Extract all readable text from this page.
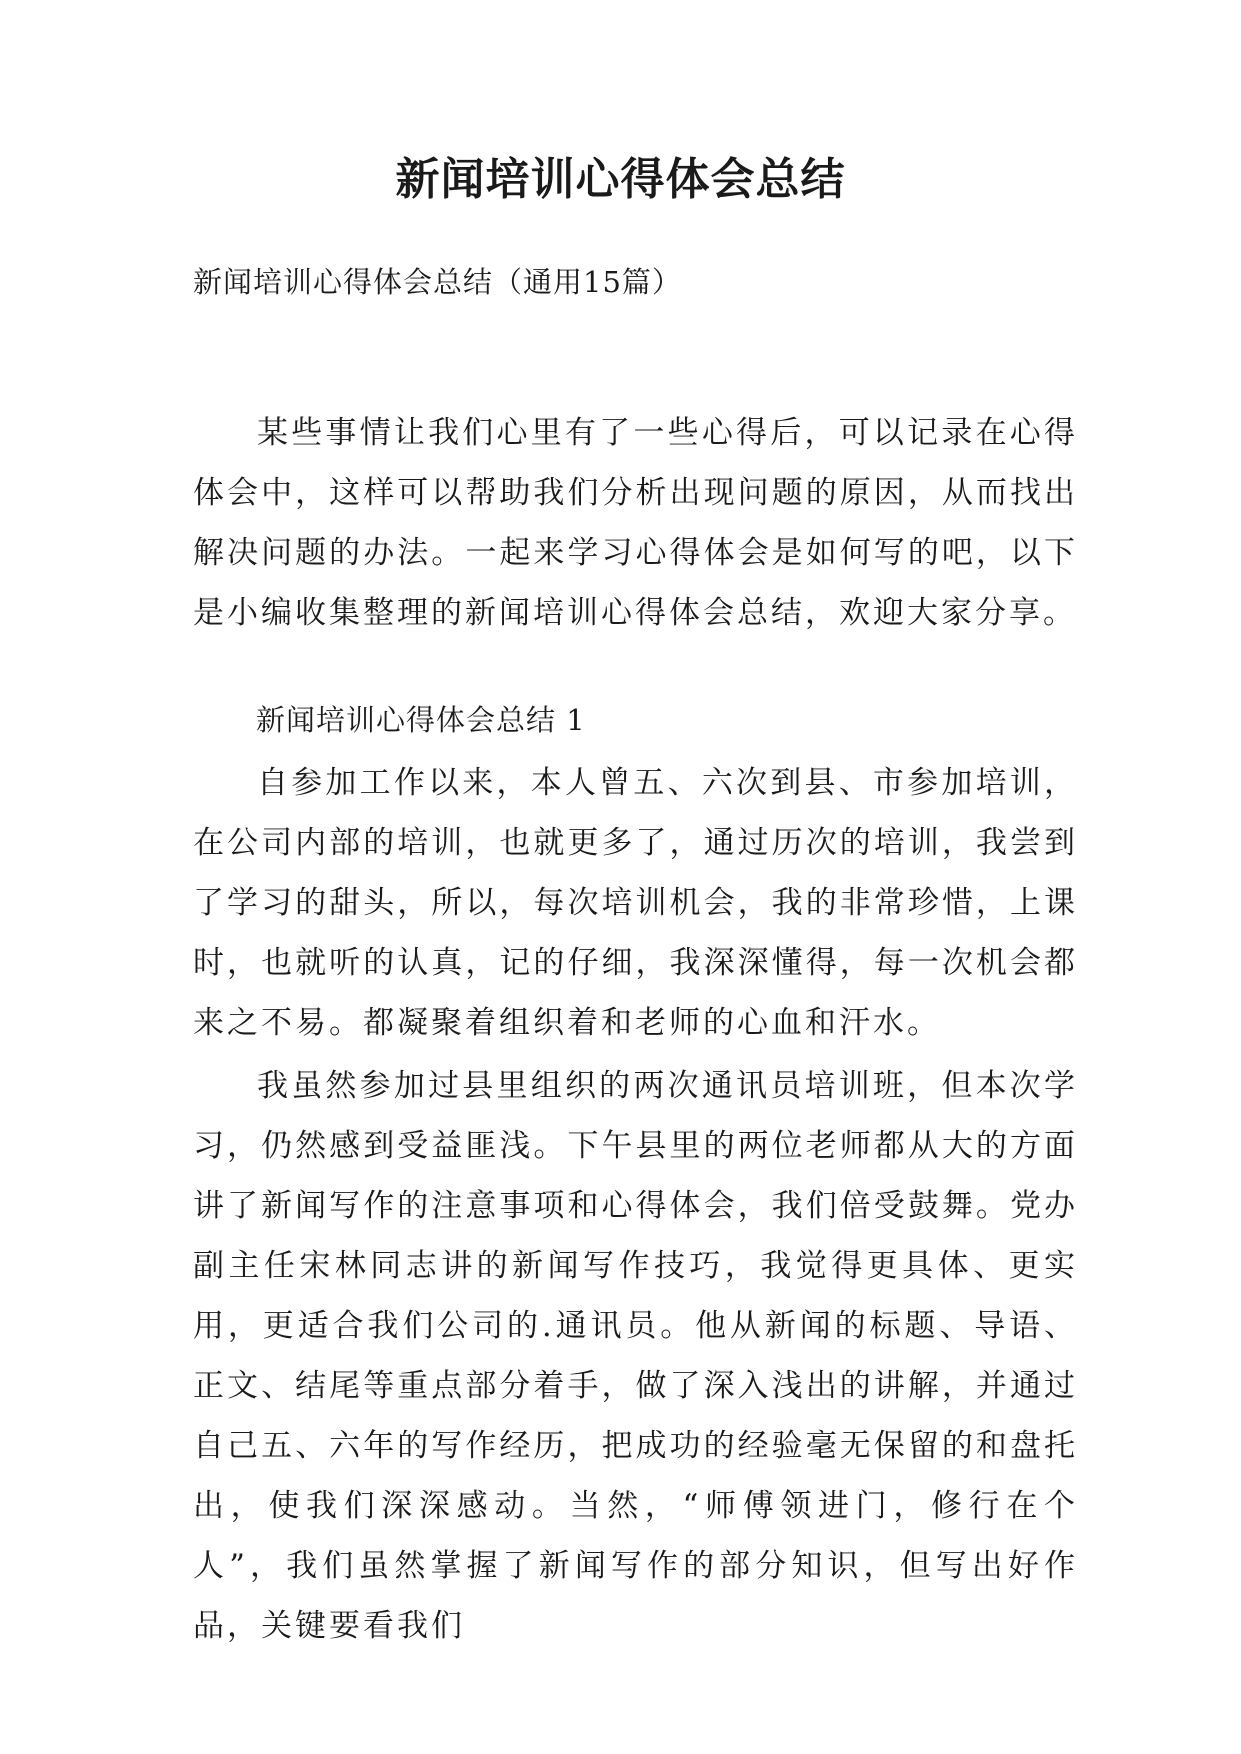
新闻培训心得体会总结
新闻培训心得体会总结（通用15篇）

某些事情让我们心里有了一些心得后，可以记录在心得体会中，这样可以帮助我们分析出现问题的原因，从而找出解决问题的办法。一起来学习心得体会是如何写的吧，以下是小编收集整理的新闻培训心得体会总结，欢迎大家分享。

新闻培训心得体会总结 1

自参加工作以来，本人曾五、六次到县、市参加培训，在公司内部的培训，也就更多了，通过历次的培训，我尝到了学习的甜头，所以，每次培训机会，我的非常珍惜，上课时，也就听的认真，记的仔细，我深深懂得，每一次机会都来之不易。都凝聚着组织着和老师的心血和汗水。

我虽然参加过县里组织的两次通讯员培训班，但本次学习，仍然感到受益匪浅。下午县里的两位老师都从大的方面讲了新闻写作的注意事项和心得体会，我们倍受鼓舞。党办副主任宋林同志讲的新闻写作技巧，我觉得更具体、更实用，更适合我们公司的.通讯员。他从新闻的标题、导语、正文、结尾等重点部分着手，做了深入浅出的讲解，并通过自己五、六年的写作经历，把成功的经验毫无保留的和盘托出，使我们深深感动。当然，“师傅领进门，修行在个人”，我们虽然掌握了新闻写作的部分知识，但写出好作品，关键要看我们
